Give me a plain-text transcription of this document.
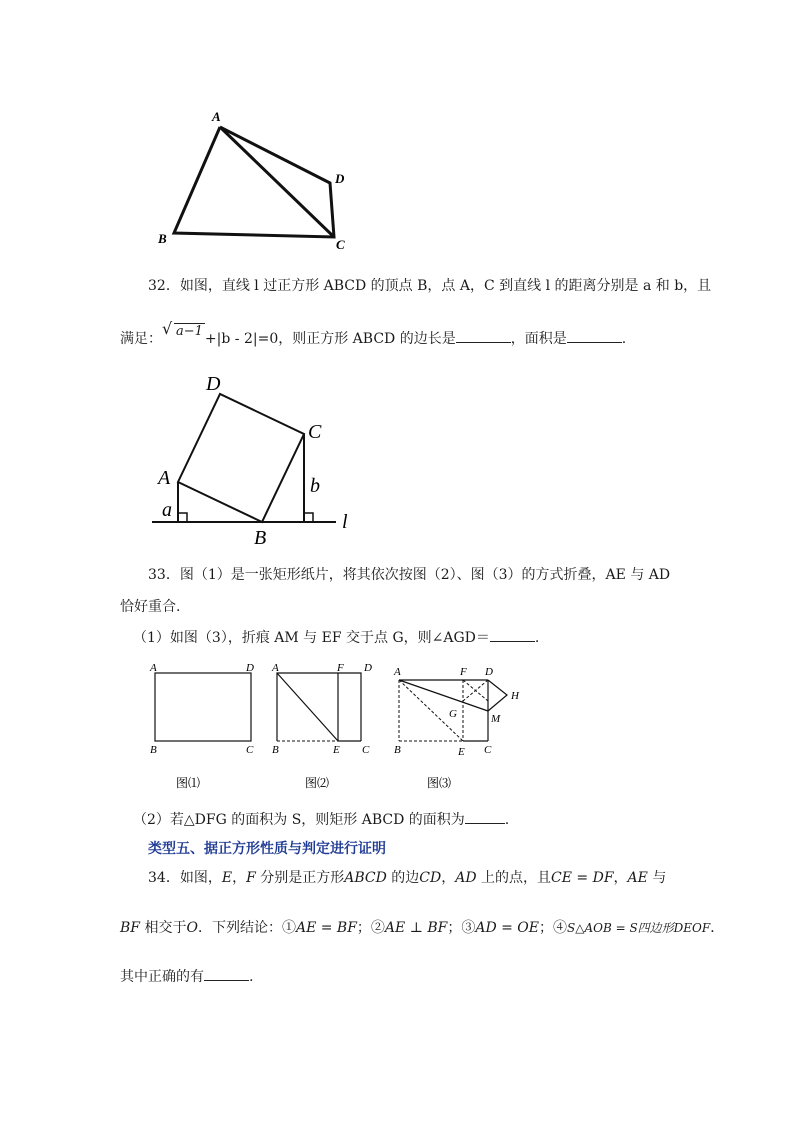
A
B	C
D
32．如图，直线 l 过正方形 ABCD 的顶点 B，点 A，C 到直线 l 的距离分别是 a 和 b，且
满足：
√ a−1 +|b - 2|=0，则正方形 ABCD 的边长是	，面积是	.
D
C
A
B
a
b
l
33．图（1）是一张矩形纸片，将其依次按图（2）、图（3）的方式折叠，AE 与 AD
恰好重合.
（1）如图（3），折痕 AM 与 EF 交于点 G，则∠AGD＝	.
A	D
B	C
A	F D
B	E C
A	F D
H
G	M
B	E C
图⑴	图⑵	图⑶
（2）若△DFG 的面积为 S，则矩形 ABCD 的面积为	.
类型五、据正方形性质与判定进行证明
34．如图，E，F 分别是正方形ABCD 的边CD，AD 上的点，且CE = DF，AE 与
BF 相交于O．下列结论：①AE = BF；②AE ⊥ BF；③AD = OE；④S△AOB = S四边形DEOF．
其中正确的有	.
